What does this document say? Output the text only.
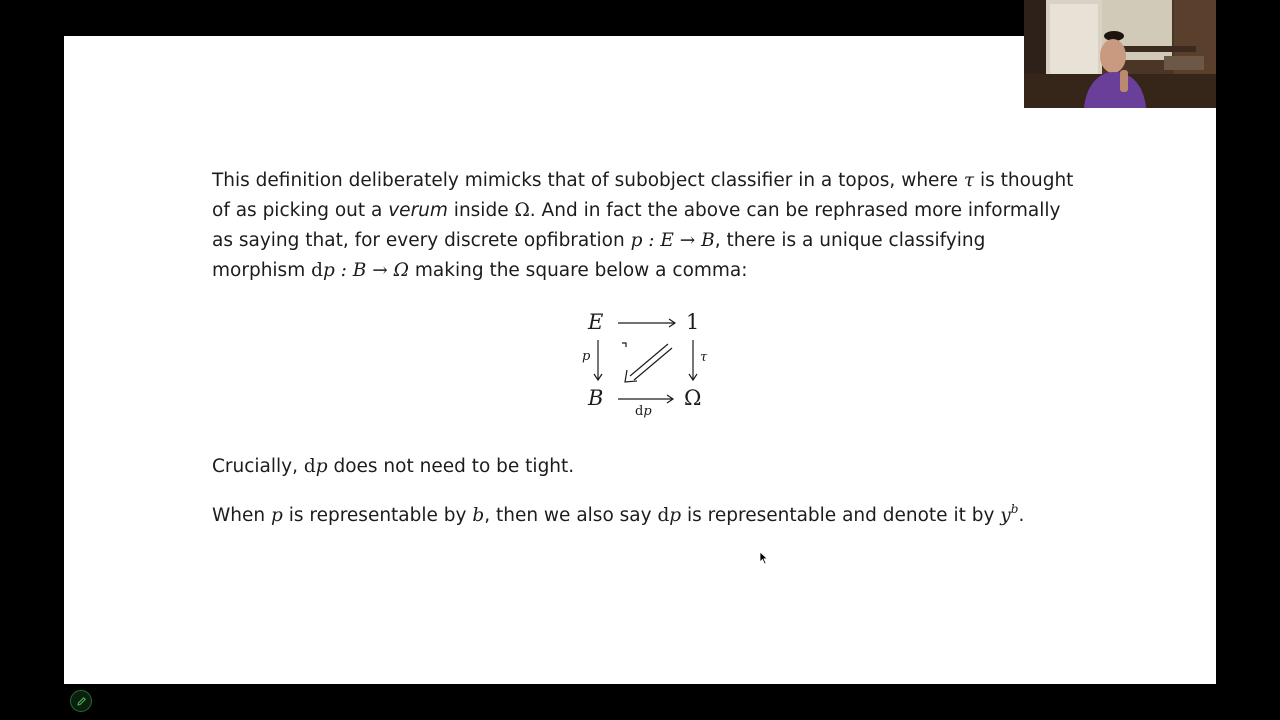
This definition deliberately mimicks that of subobject classifier in a topos, where τ is thought of as picking out a verum inside Ω. And in fact the above can be rephrased more informally as saying that, for every discrete opfibration p : E → B, there is a unique classifying morphism dp : B → Ω making the square below a comma:
E	1
B	Ω
p	τ
dp
Crucially, dp does not need to be tight.
When p is representable by b, then we also say dp is representable and denote it by $y^b$.
